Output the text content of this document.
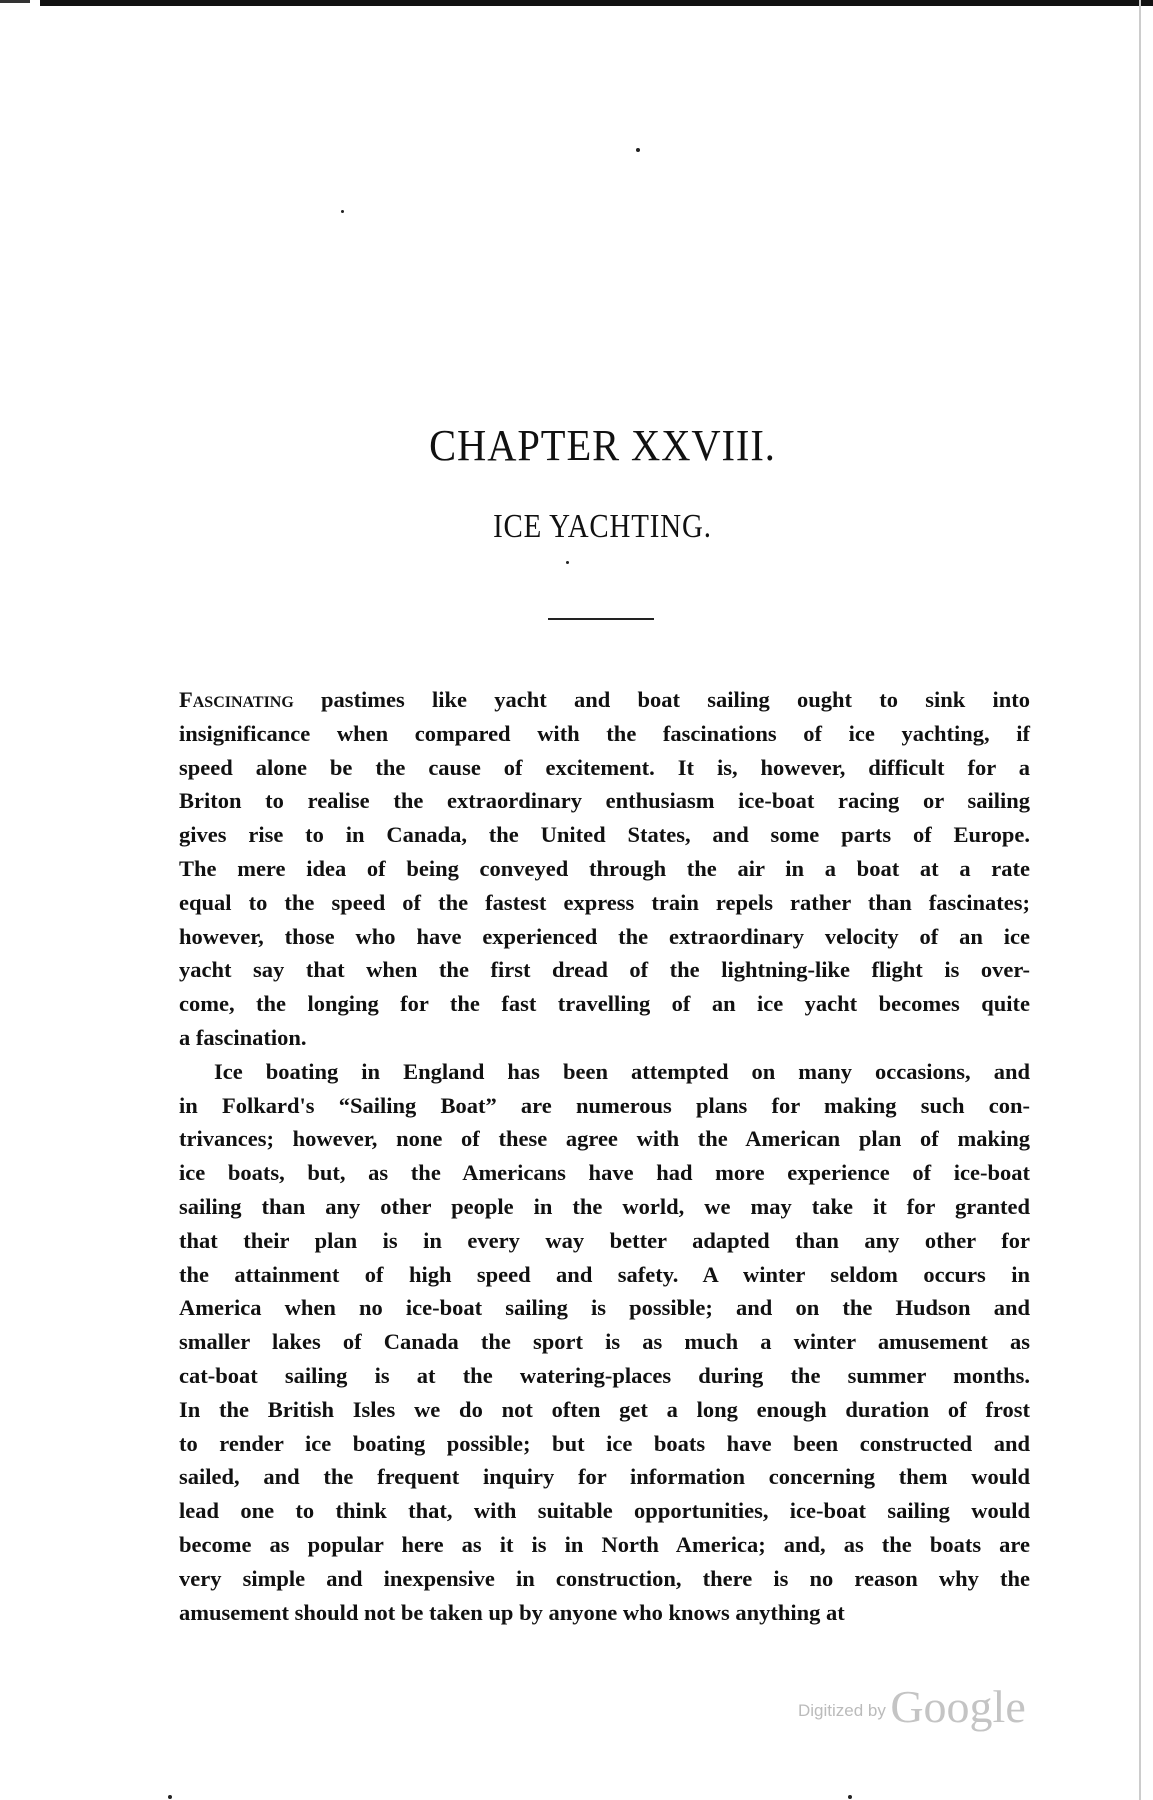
CHAPTER XXVIII.
ICE YACHTING.
Fascinating pastimes like yacht and boat sailing ought to sink into
insignificance when compared with the fascinations of ice yachting, if
speed alone be the cause of excitement. It is, however, difficult for a
Briton to realise the extraordinary enthusiasm ice-boat racing or sailing
gives rise to in Canada, the United States, and some parts of Europe.
The mere idea of being conveyed through the air in a boat at a rate
equal to the speed of the fastest express train repels rather than fascinates;
however, those who have experienced the extraordinary velocity of an ice
yacht say that when the first dread of the lightning-like flight is over-
come, the longing for the fast travelling of an ice yacht becomes quite
a fascination.
Ice boating in England has been attempted on many occasions, and
in Folkard's “Sailing Boat” are numerous plans for making such con-
trivances; however, none of these agree with the American plan of making
ice boats, but, as the Americans have had more experience of ice-boat
sailing than any other people in the world, we may take it for granted
that their plan is in every way better adapted than any other for
the attainment of high speed and safety. A winter seldom occurs in
America when no ice-boat sailing is possible; and on the Hudson and
smaller lakes of Canada the sport is as much a winter amusement as
cat-boat sailing is at the watering-places during the summer months.
In the British Isles we do not often get a long enough duration of frost
to render ice boating possible; but ice boats have been constructed and
sailed, and the frequent inquiry for information concerning them would
lead one to think that, with suitable opportunities, ice-boat sailing would
become as popular here as it is in North America; and, as the boats are
very simple and inexpensive in construction, there is no reason why the
amusement should not be taken up by anyone who knows anything at
Digitized by Google
